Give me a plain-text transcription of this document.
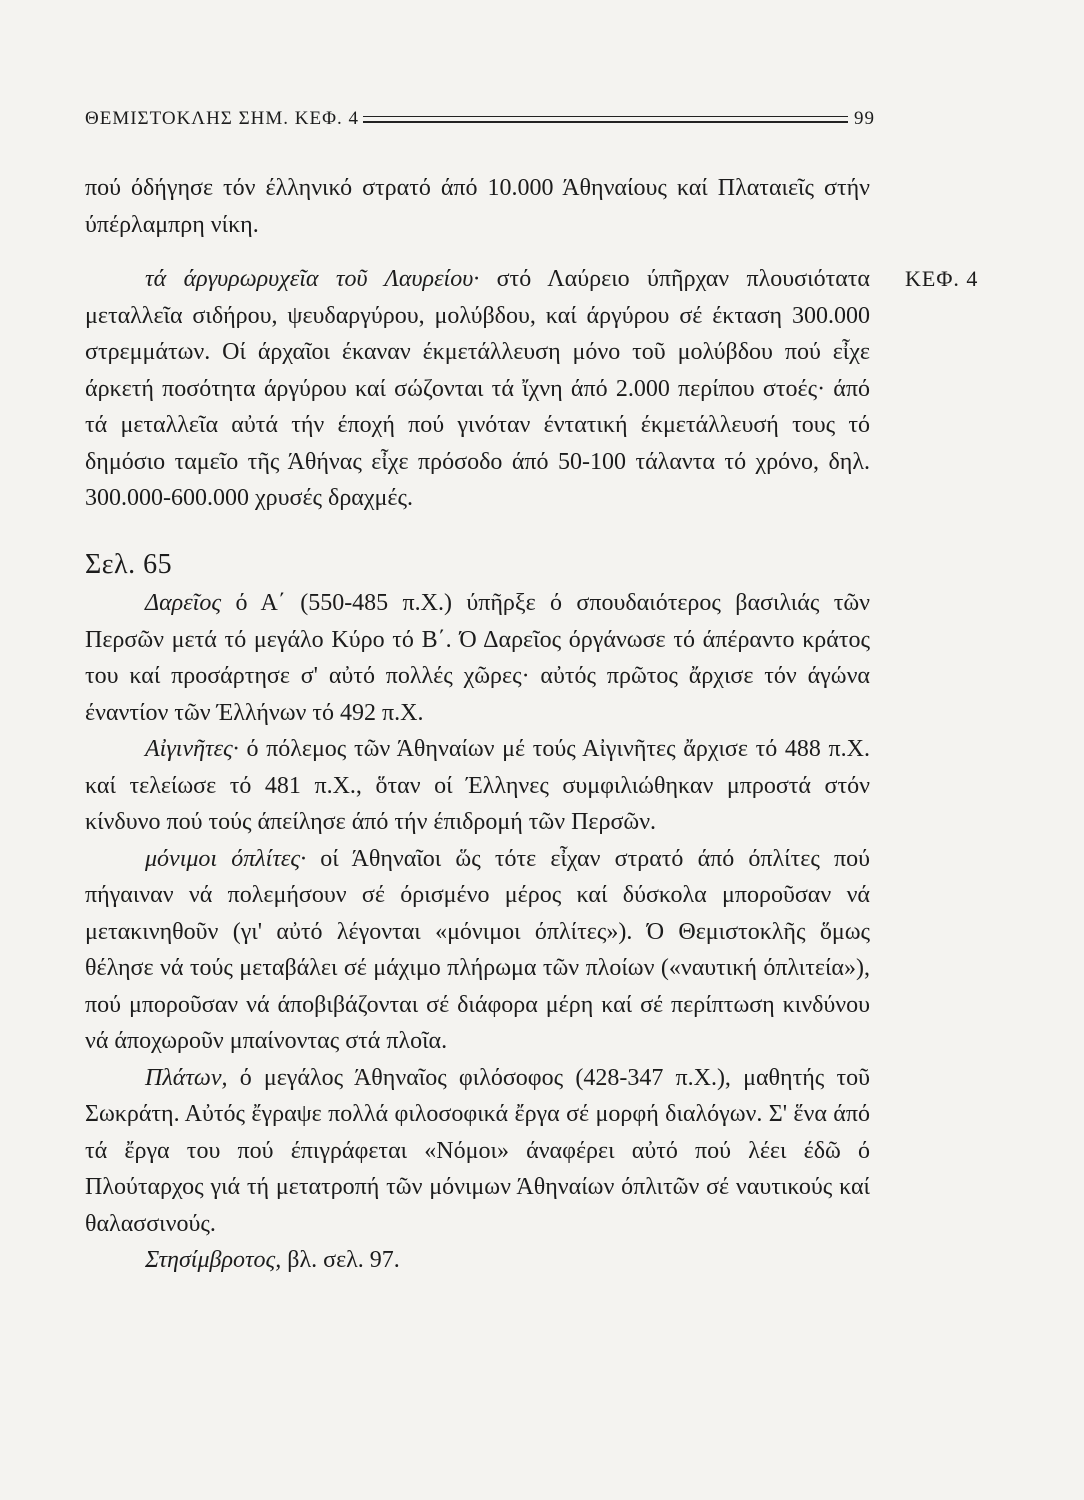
ΘΕΜΙΣΤΟΚΛΗΣ ΣΗΜ. ΚΕΦ. 4	99
ΚΕΦ. 4

πού όδήγησε τόν έλληνικό στρατό άπό 10.000 Άθηναίους καί Πλαταιεῖς στήν ύπέρλαμπρη νίκη.

τά άργυρωρυχεῖα τοῦ Λαυρείου· στό Λαύρειο ύπῆρχαν πλουσιότατα μεταλλεῖα σιδήρου, ψευδαργύρου, μολύβδου, καί άργύρου σέ έκταση 300.000 στρεμμάτων. Οί άρχαῖοι έκαναν έκμετάλλευση μόνο τοῦ μολύβδου πού εἶχε άρκετή ποσότητα άργύρου καί σώζονται τά ἴχνη άπό 2.000 περίπου στοές· άπό τά μεταλλεῖα αὐτά τήν έποχή πού γινόταν έντατική έκμετάλλευσή τους τό δημόσιο ταμεῖο τῆς Άθήνας εἶχε πρόσοδο άπό 50-100 τάλαντα τό χρόνο, δηλ. 300.000-600.000 χρυσές δραχμές.

Σελ. 65

Δαρεῖος ό Α΄ (550-485 π.Χ.) ύπῆρξε ό σπουδαιότερος βασιλιάς τῶν Περσῶν μετά τό μεγάλο Κύρο τό Β΄. Ό Δαρεῖος όργάνωσε τό άπέραντο κράτος του καί προσάρτησε σ' αὐτό πολλές χῶρες· αὐτός πρῶτος ἄρχισε τόν άγώνα έναντίον τῶν Έλλήνων τό 492 π.Χ.

Αἰγινῆτες· ό πόλεμος τῶν Άθηναίων μέ τούς Αἰγινῆτες ἄρχισε τό 488 π.Χ. καί τελείωσε τό 481 π.Χ., ὅταν οί Έλληνες συμφιλιώθηκαν μπροστά στόν κίνδυνο πού τούς άπείλησε άπό τήν έπιδρομή τῶν Περσῶν.

μόνιμοι όπλίτες· οί Άθηναῖοι ὥς τότε εἶχαν στρατό άπό όπλίτες πού πήγαιναν νά πολεμήσουν σέ όρισμένο μέρος καί δύσκολα μποροῦσαν νά μετακινηθοῦν (γι' αὐτό λέγονται «μόνιμοι όπλίτες»). Ό Θεμιστοκλῆς ὅμως θέλησε νά τούς μεταβάλει σέ μάχιμο πλήρωμα τῶν πλοίων («ναυτική όπλιτεία»), πού μποροῦσαν νά άποβιβάζονται σέ διάφορα μέρη καί σέ περίπτωση κινδύνου νά άποχωροῦν μπαίνοντας στά πλοῖα.

Πλάτων, ό μεγάλος Άθηναῖος φιλόσοφος (428-347 π.Χ.), μαθητής τοῦ Σωκράτη. Αὐτός ἔγραψε πολλά φιλοσοφικά ἔργα σέ μορφή διαλόγων. Σ' ἕνα άπό τά ἔργα του πού έπιγράφεται «Νόμοι» άναφέρει αὐτό πού λέει έδῶ ό Πλούταρχος γιά τή μετατροπή τῶν μόνιμων Άθηναίων όπλιτῶν σέ ναυτικούς καί θαλασσινούς.

Στησίμβροτος, βλ. σελ. 97.
